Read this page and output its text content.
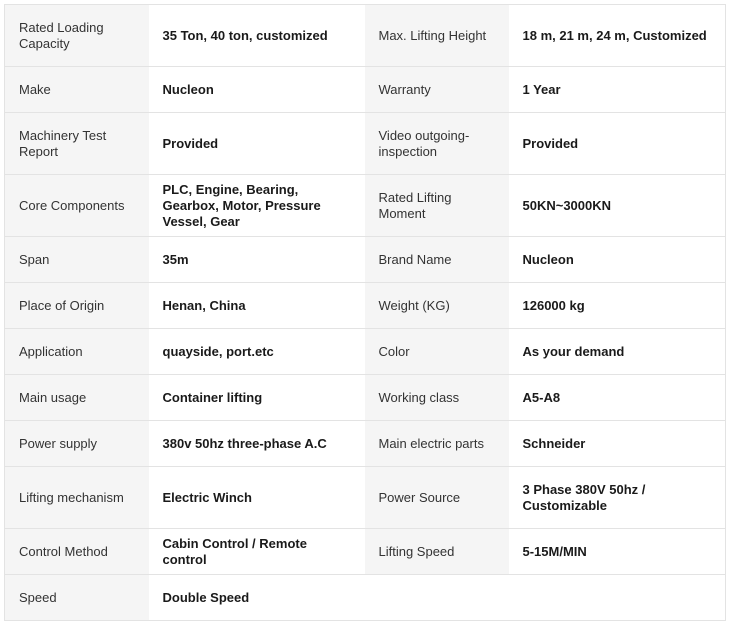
Rated Loading Capacity	35 Ton, 40 ton, customized	Max. Lifting Height	18 m, 21 m, 24 m, Customized
Make	Nucleon	Warranty	1 Year
Machinery Test Report	Provided	Video outgoing-inspection	Provided
Core Components	PLC, Engine, Bearing, Gearbox, Motor, Pressure Vessel, Gear	Rated Lifting Moment	50KN~3000KN
Span	35m	Brand Name	Nucleon
Place of Origin	Henan, China	Weight (KG)	126000 kg
Application	quayside, port.etc	Color	As your demand
Main usage	Container lifting	Working class	A5-A8
Power supply	380v 50hz three-phase A.C	Main electric parts	Schneider
Lifting mechanism	Electric Winch	Power Source	3 Phase 380V 50hz / Customizable
Control Method	Cabin Control / Remote control	Lifting Speed	5-15M/MIN
Speed	Double Speed		
